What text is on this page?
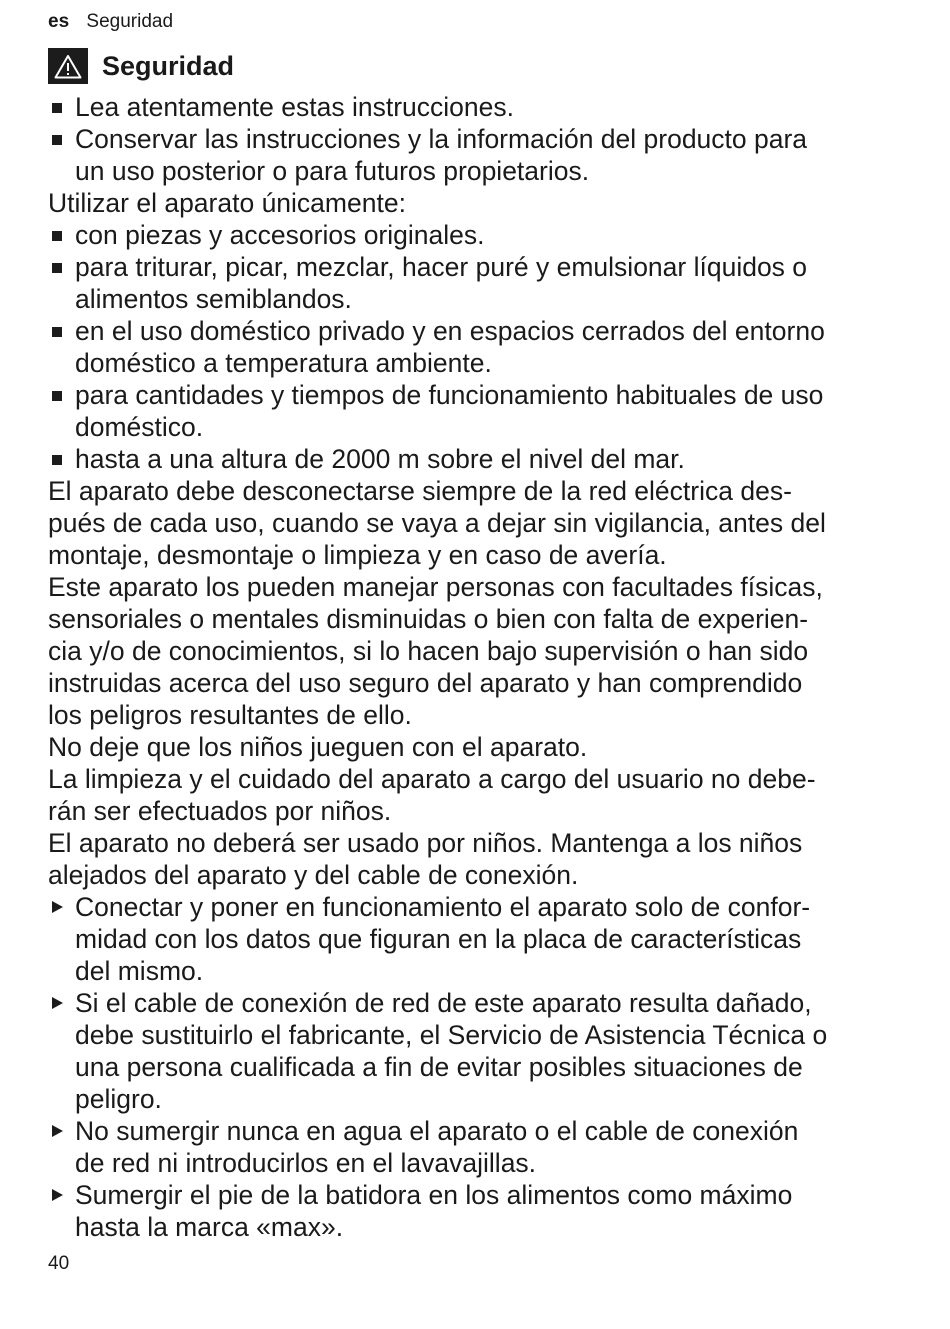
es Seguridad
Seguridad
Lea atentamente estas instrucciones.
Conservar las instrucciones y la información del producto para
un uso posterior o para futuros propietarios.

Utilizar el aparato únicamente:

con piezas y accesorios originales.
para triturar, picar, mezclar, hacer puré y emulsionar líquidos o
alimentos semiblandos.
en el uso doméstico privado y en espacios cerrados del entorno
doméstico a temperatura ambiente.
para cantidades y tiempos de funcionamiento habituales de uso
doméstico.
hasta a una altura de 2000 m sobre el nivel del mar.

El aparato debe desconectarse siempre de la red eléctrica des-
pués de cada uso, cuando se vaya a dejar sin vigilancia, antes del
montaje, desmontaje o limpieza y en caso de avería.

Este aparato los pueden manejar personas con facultades físicas,
sensoriales o mentales disminuidas o bien con falta de experien-
cia y/o de conocimientos, si lo hacen bajo supervisión o han sido
instruidas acerca del uso seguro del aparato y han comprendido
los peligros resultantes de ello.

No deje que los niños jueguen con el aparato.

La limpieza y el cuidado del aparato a cargo del usuario no debe-
rán ser efectuados por niños.

El aparato no deberá ser usado por niños. Mantenga a los niños
alejados del aparato y del cable de conexión.

Conectar y poner en funcionamiento el aparato solo de confor-
midad con los datos que figuran en la placa de características
del mismo.
Si el cable de conexión de red de este aparato resulta dañado,
debe sustituirlo el fabricante, el Servicio de Asistencia Técnica o
una persona cualificada a fin de evitar posibles situaciones de
peligro.
No sumergir nunca en agua el aparato o el cable de conexión
de red ni introducirlos en el lavavajillas.
Sumergir el pie de la batidora en los alimentos como máximo
hasta la marca «max».
40
